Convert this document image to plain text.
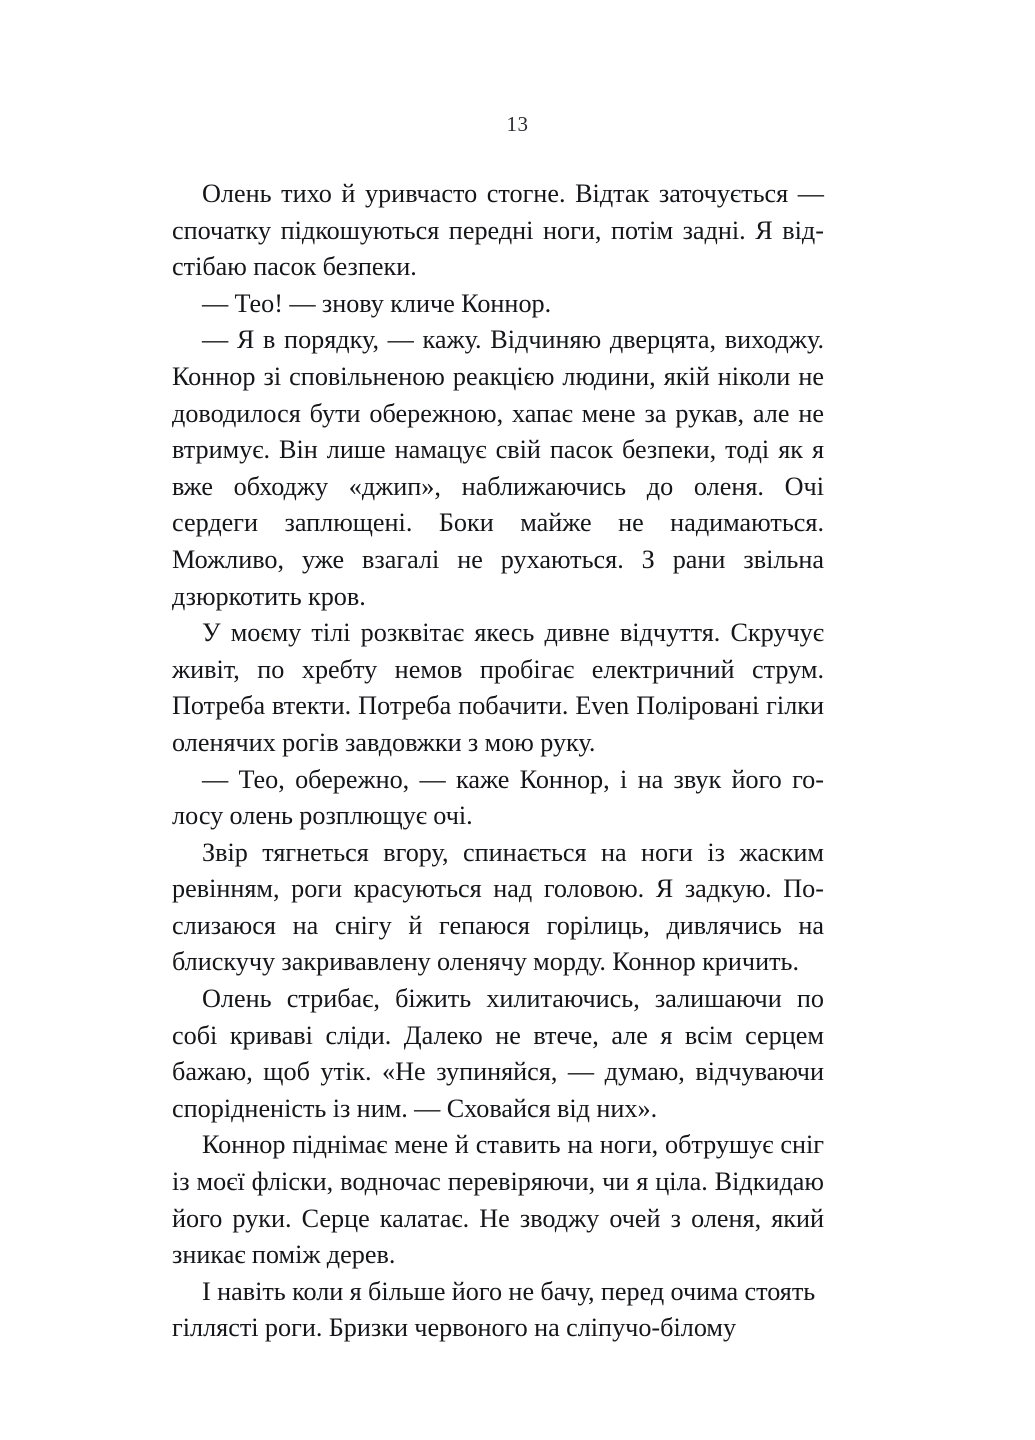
13

Олень тихо й уривчасто стогне. Відтак заточується — спочатку підкошуються передні ноги, потім задні. Я відстібаю пасок безпеки.

— Тео! — знову кличе Коннор.

— Я в порядку, — кажу. Відчиняю дверцята, виходжу. Коннор зі сповільненою реакцією людини, якій ніколи не доводилося бути обережною, хапає мене за рукав, але не втримує. Він лише намацує свій пасок безпеки, тоді як я вже обходжу «джип», наближаючись до оленя. Очі сердеги заплющені. Боки майже не надимаються. Можливо, уже взагалі не рухаються. З рани звільна дзюркотить кров.

У моєму тілі розквітає якесь дивне відчуття. Скручує живіт, по хребту немов пробігає електричний струм. Потреба втекти. Потреба побачити. Even Поліровані гілки оленячих рогів завдовжки з мою руку.

— Тео, обережно, — каже Коннор, і на звук його голосу олень розплющує очі.

Звір тягнеться вгору, спинається на ноги із жаским ревінням, роги красуються над головою. Я задкую. Послизаюся на снігу й гепаюся горілиць, дивлячись на блискучу закривавлену оленячу морду. Коннор кричить.

Олень стрибає, біжить хилитаючись, залишаючи по собі криваві сліди. Далеко не втече, але я всім серцем бажаю, щоб утік. «Не зупиняйся, — думаю, відчуваючи спорідненість із ним. — Сховайся від них».

Коннор піднімає мене й ставить на ноги, обтрушує сніг із моєї фліски, водночас перевіряючи, чи я ціла. Відкидаю його руки. Серце калатає. Не зводжу очей з оленя, який зникає поміж дерев.

І навіть коли я більше його не бачу, перед очима стоять гіллясті роги. Бризки червоного на сліпучо-білому
